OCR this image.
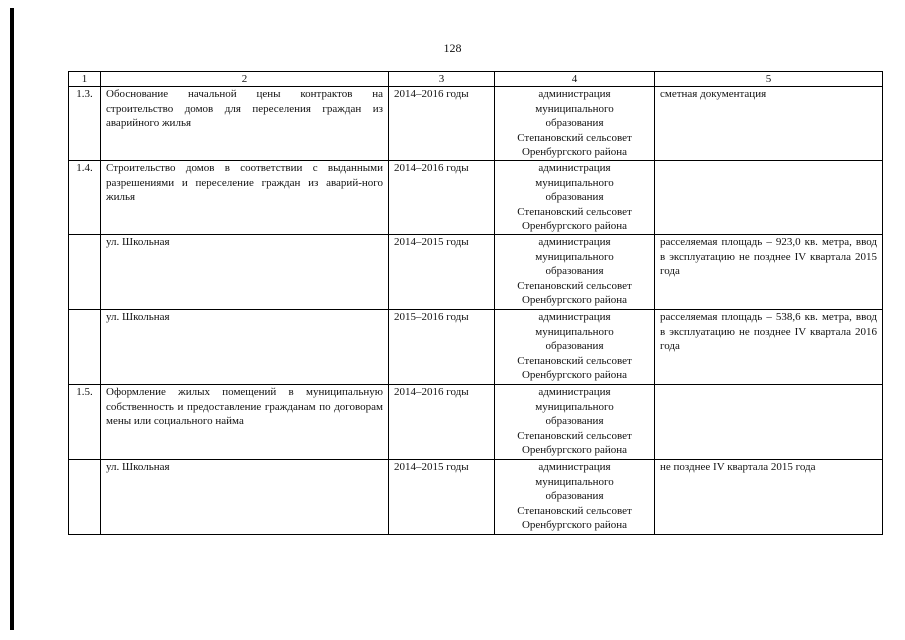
128
1	2	3	4	5
1.3.	Обоснование начальной цены контрактов на строительство домов для переселения граждан из аварийного жилья	2014–2016 годы	администрация
муниципального
образования
Степановский сельсовет
Оренбургского района	сметная документация
1.4.	Строительство домов в соответствии с выданными разрешениями и переселение граждан из аварий-ного жилья	2014–2016 годы	администрация
муниципального
образования
Степановский сельсовет
Оренбургского района	

	ул. Школьная	2014–2015 годы	администрация
муниципального
образования
Степановский сельсовет
Оренбургского района	расселяемая площадь – 923,0 кв. метра, ввод в эксплуатацию не позднее IV квартала 2015 года
	ул. Школьная	2015–2016 годы	администрация
муниципального
образования
Степановский сельсовет
Оренбургского района	расселяемая площадь – 538,6 кв. метра, ввод в эксплуатацию не позднее IV квартала 2016 года
1.5.	Оформление жилых помещений в муниципальную собственность и предоставление гражданам по договорам мены или социального найма	2014–2016 годы	администрация
муниципального
образования
Степановский сельсовет
Оренбургского района	

	ул. Школьная	2014–2015 годы	администрация
муниципального
образования
Степановский сельсовет
Оренбургского района	не позднее IV квартала 2015 года
